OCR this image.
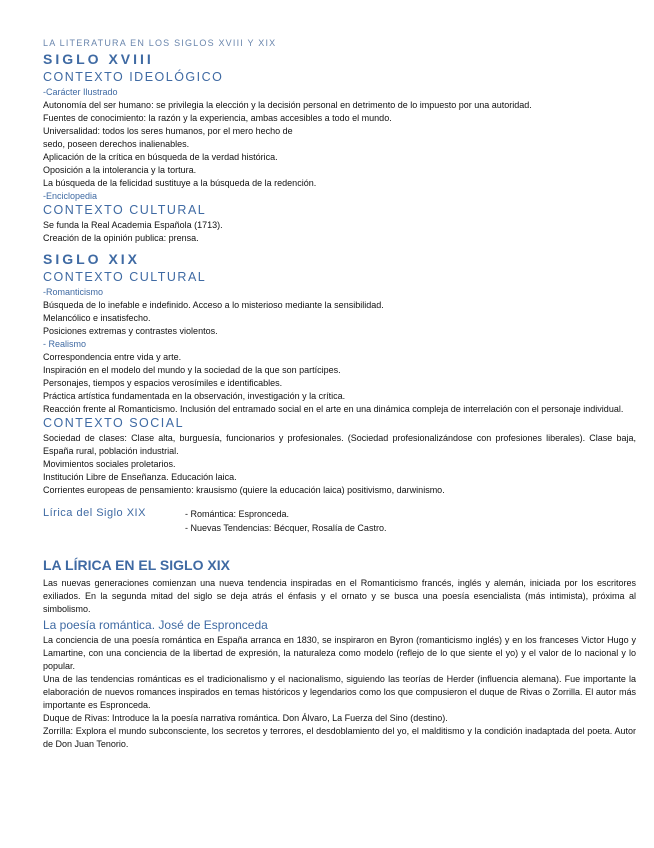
LA LITERATURA EN LOS SIGLOS XVIII Y XIX
SIGLO XVIII
CONTEXTO IDEOLÓGICO
-Carácter Ilustrado

Autonomía del ser humano: se privilegia la elección y la decisión personal en detrimento de lo impuesto por una autoridad.

Fuentes de conocimiento: la razón y la experiencia, ambas accesibles a todo el mundo.

Universalidad: todos los seres humanos, por el mero hecho de

sedo, poseen derechos inalienables.

Aplicación de la crítica en búsqueda de la verdad histórica.

Oposición a la intolerancia y la tortura.

La búsqueda de la felicidad sustituye a la búsqueda de la redención.

-Enciclopedia
CONTEXTO CULTURAL

Se funda la Real Academia Española (1713).

Creación de la opinión publica: prensa.

SIGLO XIX
CONTEXTO CULTURAL
-Romanticismo

Búsqueda de lo inefable e indefinido. Acceso a lo misterioso mediante la sensibilidad.

Melancólico e insatisfecho.

Posiciones extremas y contrastes violentos.

- Realismo

Correspondencia entre vida y arte.

Inspiración en el modelo del mundo y la sociedad de la que son partícipes.

Personajes, tiempos y espacios verosímiles e identificables.

Práctica artística fundamentada en la observación, investigación y la crítica.

Reacción frente al Romanticismo. Inclusión del entramado social en el arte en una dinámica compleja de interrelación con el personaje individual.

CONTEXTO SOCIAL

Sociedad de clases: Clase alta, burguesía, funcionarios y profesionales. (Sociedad profesionalizándose con profesiones liberales). Clase baja, España rural, población industrial.

Movimientos sociales proletarios.

Institución Libre de Enseñanza. Educación laica.

Corrientes europeas de pensamiento: krausismo (quiere la educación laica) positivismo, darwinismo.

Lírica del Siglo XIX	- Romántica: Espronceda.

- Nuevas Tendencias: Bécquer, Rosalía de Castro.

LA LÍRICA EN EL SIGLO XIX

Las nuevas generaciones comienzan una nueva tendencia inspiradas en el Romanticismo francés, inglés y alemán, iniciada por los escritores exiliados. En la segunda mitad del siglo se deja atrás el énfasis y el ornato y se busca una poesía esencialista (más intimista), próxima al simbolismo.

La poesía romántica. José de Espronceda

La conciencia de una poesía romántica en España arranca en 1830, se inspiraron en Byron (romanticismo inglés) y en los franceses Victor Hugo y Lamartine, con una conciencia de la libertad de expresión, la naturaleza como modelo (reflejo de lo que siente el yo) y el valor de lo nacional y lo popular.

Una de las tendencias románticas es el tradicionalismo y el nacionalismo, siguiendo las teorías de Herder (influencia alemana). Fue importante la elaboración de nuevos romances inspirados en temas históricos y legendarios como los que compusieron el duque de Rivas o Zorrilla. El autor más importante es Espronceda.

Duque de Rivas: Introduce la la poesía narrativa romántica. Don Álvaro, La Fuerza del Sino (destino).

Zorrilla: Explora el mundo subconsciente, los secretos y terrores, el desdoblamiento del yo, el malditismo y la condición inadaptada del poeta. Autor de Don Juan Tenorio.
